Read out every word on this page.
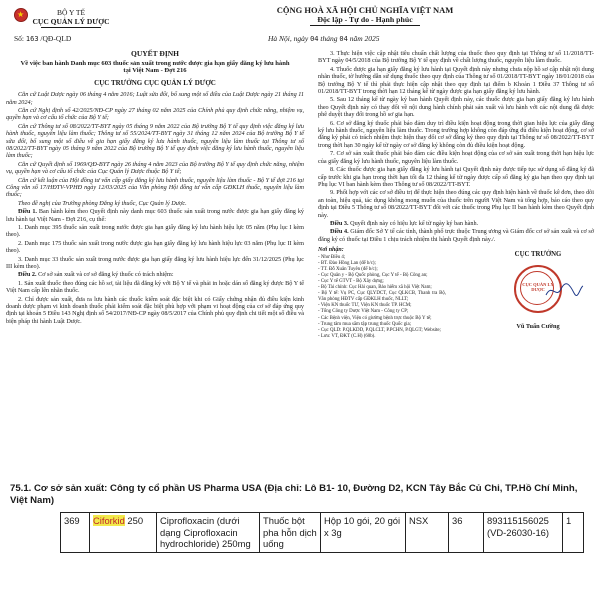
★
BỘ Y TẾ
CỤC QUẢN LÝ DƯỢC
Số: 163 /QĐ-QLD
CỘNG HOÀ XÃ HỘI CHỦ NGHĨA VIỆT NAM
Độc lập - Tự do - Hạnh phúc
Hà Nội, ngày 04 tháng 04 năm 2025
QUYẾT ĐỊNH
Về việc ban hành Danh mục 603 thuốc sản xuất trong nước được gia hạn giấy đăng ký lưu hành tại Việt Nam - Đợt 216
CỤC TRƯỞNG CỤC QUẢN LÝ DƯỢC

Căn cứ Luật Dược ngày 06 tháng 4 năm 2016; Luật sửa đổi, bổ sung một số điều của Luật Dược ngày 21 tháng 11 năm 2024;

Căn cứ Nghị định số 42/2025/NĐ-CP ngày 27 tháng 02 năm 2025 của Chính phủ quy định chức năng, nhiệm vụ, quyền hạn và cơ cấu tổ chức của Bộ Y tế;

Căn cứ Thông tư số 08/2022/TT-BYT ngày 05 tháng 9 năm 2022 của Bộ trưởng Bộ Y tế quy định việc đăng ký lưu hành thuốc, nguyên liệu làm thuốc; Thông tư số 55/2024/TT-BYT ngày 31 tháng 12 năm 2024 của Bộ trưởng Bộ Y tế sửa đổi, bổ sung một số điều về gia hạn giấy đăng ký lưu hành thuốc, nguyên liệu làm thuốc tại Thông tư số 08/2022/TT-BYT ngày 05 tháng 9 năm 2022 của Bộ trưởng Bộ Y tế quy định việc đăng ký lưu hành thuốc, nguyên liệu làm thuốc;

Căn cứ Quyết định số 1969/QĐ-BYT ngày 26 tháng 4 năm 2023 của Bộ trưởng Bộ Y tế quy định chức năng, nhiệm vụ, quyền hạn và cơ cấu tổ chức của Cục Quản lý Dược thuộc Bộ Y tế;

Căn cứ kết luận của Hội đồng tư vấn cấp giấy đăng ký lưu hành thuốc, nguyên liệu làm thuốc - Bộ Y tế đợt 216 tại Công văn số 17/HĐTV-VPHĐ ngày 12/03/2025 của Văn phòng Hội đồng tư vấn cấp GĐKLH thuốc, nguyên liệu làm thuốc;

Theo đề nghị của Trưởng phòng Đăng ký thuốc, Cục Quản lý Dược.

Điều 1. Ban hành kèm theo Quyết định này danh mục 603 thuốc sản xuất trong nước được gia hạn giấy đăng ký lưu hành tại Việt Nam - Đợt 216, cụ thể:

1. Danh mục 395 thuốc sản xuất trong nước được gia hạn giấy đăng ký lưu hành hiệu lực 05 năm (Phụ lục I kèm theo).

2. Danh mục 175 thuốc sản xuất trong nước được gia hạn giấy đăng ký lưu hành hiệu lực 03 năm (Phụ lục II kèm theo).

3. Danh mục 33 thuốc sản xuất trong nước được gia hạn giấy đăng ký lưu hành hiệu lực đến 31/12/2025 (Phụ lục III kèm theo).

Điều 2. Cơ sở sản xuất và cơ sở đăng ký thuốc có trách nhiệm:

1. Sản xuất thuốc theo đúng các hồ sơ, tài liệu đã đăng ký với Bộ Y tế và phải in hoặc dán số đăng ký được Bộ Y tế Việt Nam cấp lên nhãn thuốc.

2. Chỉ được sản xuất, đưa ra lưu hành các thuốc kiểm soát đặc biệt khi có Giấy chứng nhận đủ điều kiện kinh doanh dược phạm vi kinh doanh thuốc phải kiểm soát đặc biệt phù hợp với phạm vi hoạt động của cơ sở đáp ứng quy định tại khoản 5 Điều 143 Nghị định số 54/2017/NĐ-CP ngày 08/5/2017 của Chính phủ quy định chi tiết một số điều và biện pháp thi hành Luật Dược.

3. Thực hiện việc cập nhật tiêu chuẩn chất lượng của thuốc theo quy định tại Thông tư số 11/2018/TT-BYT ngày 04/5/2018 của Bộ trưởng Bộ Y tế quy định về chất lượng thuốc, nguyên liệu làm thuốc.

4. Thuốc được gia hạn giấy đăng ký lưu hành tại Quyết định này nhưng chưa nộp hồ sơ cập nhật nội dung nhãn thuốc, tờ hướng dẫn sử dụng thuốc theo quy định của Thông tư số 01/2018/TT-BYT ngày 18/01/2018 của Bộ trưởng Bộ Y tế thì phải thực hiện cập nhật theo quy định tại điểm b Khoản 1 Điều 37 Thông tư số 01/2018/TT-BYT trong thời hạn 12 tháng kể từ ngày được gia hạn giấy đăng ký lưu hành.

5. Sau 12 tháng kể từ ngày ký ban hành Quyết định này, các thuốc được gia hạn giấy đăng ký lưu hành theo Quyết định này có thay đổi về nội dung hành chính phải sản xuất và lưu hành với các nội dung đã được phê duyệt thay đổi trong hồ sơ gia hạn.

6. Cơ sở đăng ký thuốc phải báo đảm duy trì điều kiện hoạt động trong thời gian hiệu lực của giấy đăng ký lưu hành thuốc, nguyên liệu làm thuốc. Trong trường hợp không còn đáp ứng đủ điều kiện hoạt động, cơ sở đăng ký phải có trách nhiệm thực hiện thay đổi cơ sở đăng ký theo quy định tại Thông tư số 08/2022/TT-BYT trong thời hạn 30 ngày kể từ ngày cơ sở đăng ký không còn đủ điều kiện hoạt động.

7. Cơ sở sản xuất thuốc phải báo đảm các điều kiện hoạt động của cơ sở sản xuất trong thời hạn hiệu lực của giấy đăng ký lưu hành thuốc, nguyên liệu làm thuốc.

8. Các thuốc được gia hạn giấy đăng ký lưu hành tại Quyết định này được tiếp tục sử dụng số đăng ký đã cấp trước khi gia hạn trong thời hạn tối đa 12 tháng kể từ ngày được cấp số đăng ký gia hạn theo quy định tại Phụ lục VI ban hành kèm theo Thông tư số 08/2022/TT-BYT.

9. Phối hợp với các cơ sở điều trị để thực hiện theo đúng các quy định hiện hành về thuốc kê đơn, theo dõi an toàn, hiệu quả, tác dụng không mong muốn của thuốc trên người Việt Nam và tổng hợp, báo cáo theo quy định tại Điều 5 Thông tư số 08/2022/TT-BYT đối với các thuốc trong Phụ lục II ban hành kèm theo Quyết định này.

Điều 3. Quyết định này có hiệu lực kể từ ngày ký ban hành.

Điều 4. Giám đốc Sở Y tế các tỉnh, thành phố trực thuộc Trung ương và Giám đốc cơ sở sản xuất và cơ sở đăng ký có thuốc tại Điều 1 chịu trách nhiệm thi hành Quyết định này./.

Nơi nhận:
- Như Điều 4;
- BT. Đào Hồng Lan (để b/c);
- TT. Đỗ Xuân Tuyên (để b/c);
- Cục Quân y - Bộ Quốc phòng, Cục Y tế - Bộ Công an;
- Cục Y tế GTVT - Bộ Xây dựng;
- Bộ Tài chính: Cục Hải quan, Bảo hiểm xã hội Việt Nam;
- Bộ Y tế: Vụ PC, Cục QLYDCT, Cục QLKCB, Thanh tra Bộ, Văn phòng HĐTV cấp GĐKLH thuốc, NLLT;
- Viện KN thuốc TƯ, Viện KN thuốc TP. HCM;
- Tổng Công ty Dược Việt Nam - Công ty CP;
- Các Bệnh viện, Viện có giường bệnh trực thuộc Bộ Y tế;
- Trung tâm mua sắm tập trung thuốc Quốc gia;
- Cục QLD: P.QLKDD, P.QLCLT, P.PCHN, P.QLGT; Website;
- Lưu: VT, ĐKT (C.H) (60b).
CỤC TRƯỞNG
CỤC QUẢN LÝ DƯỢC
Vũ Tuấn Cường
75.1. Cơ sở sản xuất: Công ty cổ phần US Pharma USA (Địa chỉ: Lô B1- 10, Đường D2, KCN Tây Bắc Củ Chi, TP.Hồ Chí Minh, Việt Nam)
369	Ciforkid 250	Ciprofloxacin (dưới dạng Ciprofloxacin hydrochloride) 250mg	Thuốc bột pha hỗn dịch uống	Hộp 10 gói, 20 gói x 3g	NSX	36	893115156025 (VD-26030-16)	1
